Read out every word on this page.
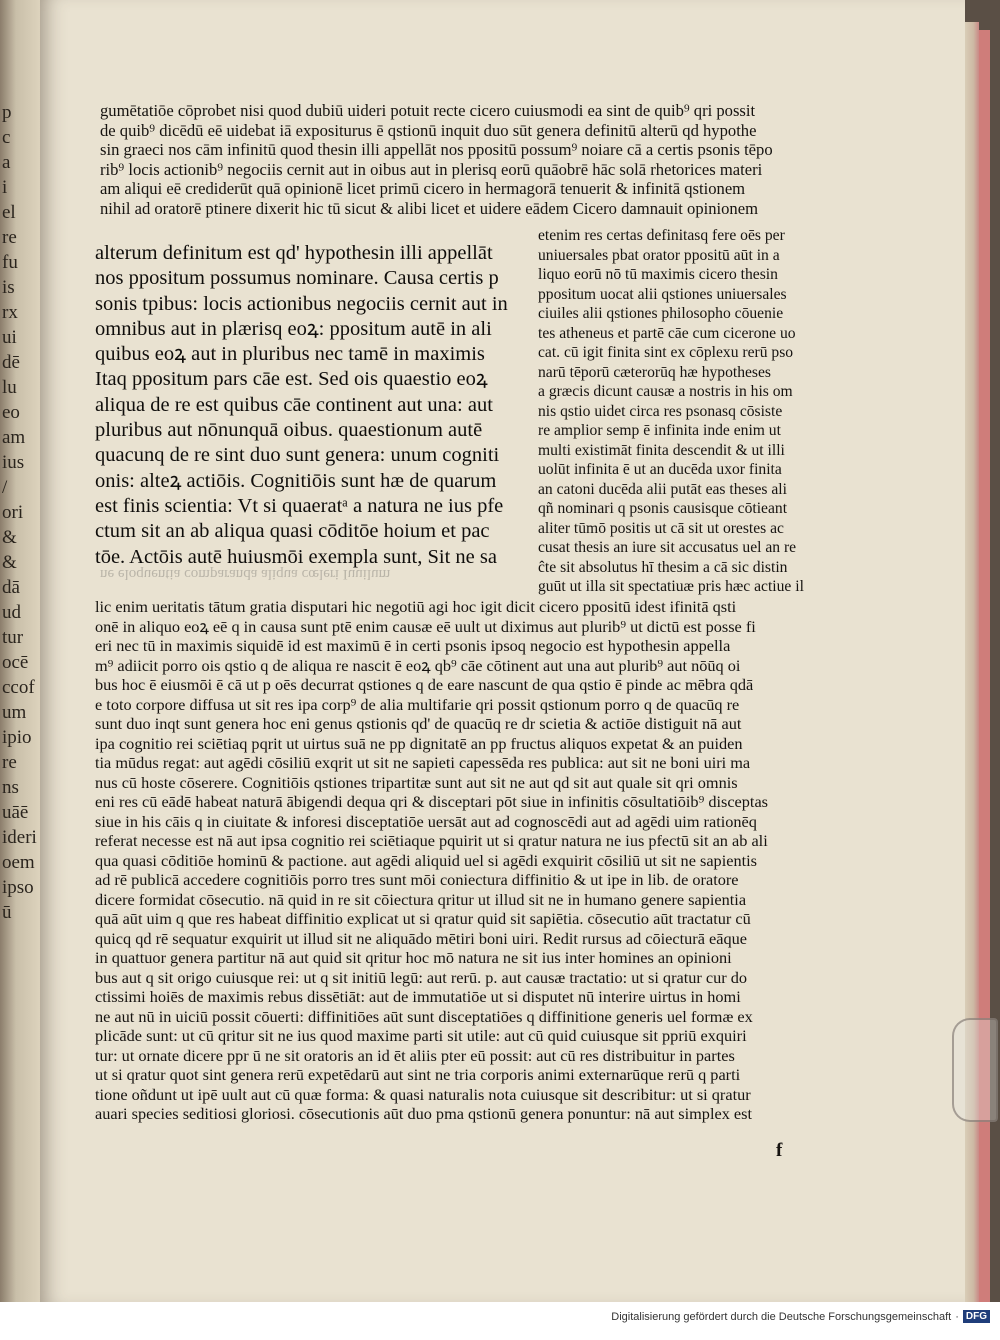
p
c
a
i
el
re
fu
is
rx
ui
dē
lu
eo
am
ius
/
ori
&
&
dā
ud
tur
ocē
ccof
um
ipio
re
ns
uāē
ideri
oem
ipso
ū
gumētatiōe cōprobet nisi quod dubiū uideri potuit recte cicero cuiusmodi ea sint de quib⁹ qri possit
de quib⁹ dicēdū eē uidebat iā expositurus ē qstionū inquit duo sūt genera definitū alterū qd hypothe
sin graeci nos cām infinitū quod thesin illi appellāt nos ppositū possum⁹ noiare cā a certis psonis tēpo
rib⁹ locis actionib⁹ negociis cernit aut in oibus aut in plerisq eorū quāobrē hāc solā rhetorices materi
am aliqui eē crediderūt quā opinionē licet primū cicero in hermagorā tenuerit & infinitā qstionem
nihil ad oratorē ptinere dixerit hic tū sicut & alibi licet et uidere eādem Cicero damnauit opinionem
alterum definitum est qd' hypothesin illi appellāt
nos ppositum possumus nominare. Causa certis p
sonis tpibus: locis actionibus negociis cernit aut in
omnibus aut in plærisq eoꝝ: ppositum autē in ali
quibus eoꝝ aut in pluribus nec tamē in maximis
Itaq ppositum pars cāe est. Sed ois quaestio eoꝝ
aliqua de re est quibus cāe continent aut una: aut
pluribus aut nōnunquā oibus. quaestionum autē
quacunq de re sint duo sunt genera: unum cogniti
onis: alteꝝ actiōis. Cognitiōis sunt hæ de quarum
est finis scientia: Vt si quaeratᵃ a natura ne ius pfe
ctum sit an ab aliqua quasi cōditōe hoium et pac
tōe. Actōis autē huiusmōi exempla sunt, Sit ne sa
etenim res certas definitasq fere oēs per
uniuersales pbat orator ppositū aūt in a
liquo eorū nō tū maximis cicero thesin
ppositum uocat alii qstiones uniuersales
ciuiles alii qstiones philosopho cōuenie
tes atheneus et partē cāe cum cicerone uo
cat. cū igit finita sint ex cōplexu rerū pso
narū tēporū cæterorūq hæ hypotheses
a græcis dicunt causæ a nostris in his om
nis qstio uidet circa res psonasq cōsiste
re amplior semp ē infinita inde enim ut
multi existimāt finita descendit & ut illi
uolūt infinita ē ut an ducēda uxor finita
an catoni ducēda alii putāt eas theses ali
qñ nominari q psonis causisque cōtieant
aliter tūmō positis ut cā sit ut orestes ac
cusat thesis an iure sit accusatus uel an re
ĉte sit absolutus hī thesim a cā sic distin
guūt ut illa sit spectatiuæ pris hæc actiue il
ne eloquentia comparanda aliqua cœleri Iuuilum
lic enim ueritatis tātum gratia disputari hic negotiū agi hoc igit dicit cicero ppositū idest ifinitā qsti
onē in aliquo eoꝝ eē q in causa sunt ptē enim causæ eē uult ut diximus aut plurib⁹ ut dictū est posse fi
eri nec tū in maximis siquidē id est maximū ē in certi psonis ipsoq negocio est hypothesin appella
m⁹ adiicit porro ois qstio q de aliqua re nascit ē eoꝝ qb⁹ cāe cōtinent aut una aut plurib⁹ aut nōūq oi
bus hoc ē eiusmōi ē cā ut p oēs decurrat qstiones q de eare nascunt de qua qstio ē pinde ac mēbra qdā
e toto corpore diffusa ut sit res ipa corp⁹ de alia multifarie qri possit qstionum porro q de quacūq re
sunt duo inqt sunt genera hoc eni genus qstionis qd' de quacūq re dr scietia & actiōe distiguit nā aut
ipa cognitio rei sciētiaq pqrit ut uirtus suā ne pp dignitatē an pp fructus aliquos expetat & an puiden
tia mūdus regat: aut agēdi cōsiliū exqrit ut sit ne sapieti capessēda res publica: aut sit ne boni uiri ma
nus cū hoste cōserere. Cognitiōis qstiones tripartitæ sunt aut sit ne aut qd sit aut quale sit qri omnis
eni res cū eādē habeat naturā ābigendi dequa qri & disceptari pōt siue in infinitis cōsultatiōib⁹ disceptas
siue in his cāis q in ciuitate & inforesi disceptatiōe uersāt aut ad cognoscēdi aut ad agēdi uim rationēq
referat necesse est nā aut ipsa cognitio rei sciētiaque pquirit ut si qratur natura ne ius pfectū sit an ab ali
qua quasi cōditiōe hominū & pactione. aut agēdi aliquid uel si agēdi exquirit cōsiliū ut sit ne sapientis
ad rē publicā accedere cognitiōis porro tres sunt mōi coniectura diffinitio & ut ipe in lib. de oratore
dicere formidat cōsecutio. nā quid in re sit cōiectura qritur ut illud sit ne in humano genere sapientia
quā aūt uim q que res habeat diffinitio explicat ut si qratur quid sit sapiētia. cōsecutio aūt tractatur cū
quicq qd rē sequatur exquirit ut illud sit ne aliquādo mētiri boni uiri. Redit rursus ad cōiecturā eāque
in quattuor genera partitur nā aut quid sit qritur hoc mō natura ne sit ius inter homines an opinioni
bus aut q sit origo cuiusque rei: ut q sit initiū legū: aut rerū. p. aut causæ tractatio: ut si qratur cur do
ctissimi hoiēs de maximis rebus dissētiāt: aut de immutatiōe ut si disputet nū interire uirtus in homi
ne aut nū in uiciū possit cōuerti: diffinitiōes aūt sunt disceptatiōes q diffinitione generis uel formæ ex
plicāde sunt: ut cū qritur sit ne ius quod maxime parti sit utile: aut cū quid cuiusque sit ppriū exquiri
tur: ut ornate dicere ppr ū ne sit oratoris an id ēt aliis pter eū possit: aut cū res distribuitur in partes
ut si qratur quot sint genera rerū expetēdarū aut sint ne tria corporis animi externarūque rerū q parti
tione oñdunt ut ipē uult aut cū quæ forma: & quasi naturalis nota cuiusque sit describitur: ut si qratur
auari species seditiosi gloriosi. cōsecutionis aūt duo pma qstionū genera ponuntur: nā aut simplex est
f
Digitalisierung gefördert durch die Deutsche Forschungsgemeinschaft · DFG
